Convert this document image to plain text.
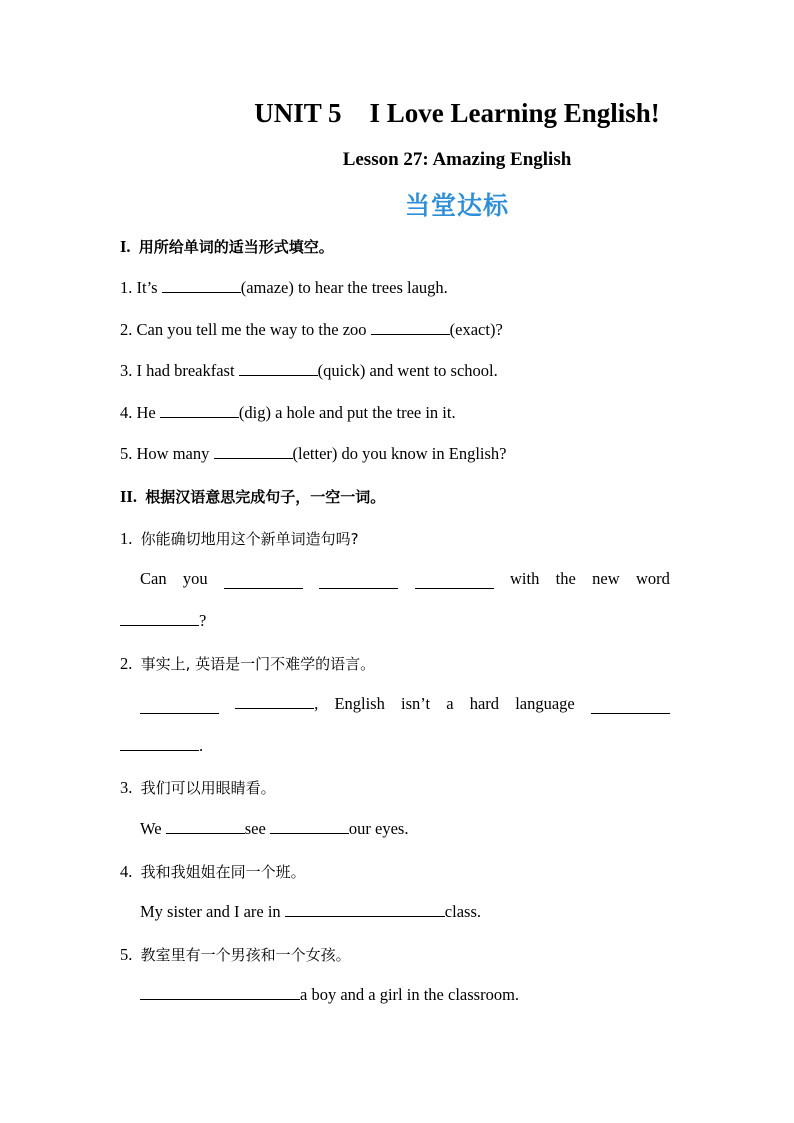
UNIT 5 I Love Learning English!
Lesson 27: Amazing English
当堂达标
I. 用所给单词的适当形式填空。
1. It’s	(amaze) to hear the trees laugh.
2. Can you tell me the way to the zoo	(exact)?
3. I had breakfast	(quick) and went to school.
4. He	(dig) a hole and put the tree in it.
5. How many	(letter) do you know in English?
II. 根据汉语意思完成句子，一空一词。
1. 你能确切地用这个新单词造句吗?
Can you	with the new word
?
2. 事实上, 英语是一门不难学的语言。
, English isn’t a hard language
.
3. 我们可以用眼睛看。
We	see	our eyes.
4. 我和我姐姐在同一个班。
My sister and I are in	class.
5. 教室里有一个男孩和一个女孩。
a boy and a girl in the classroom.
